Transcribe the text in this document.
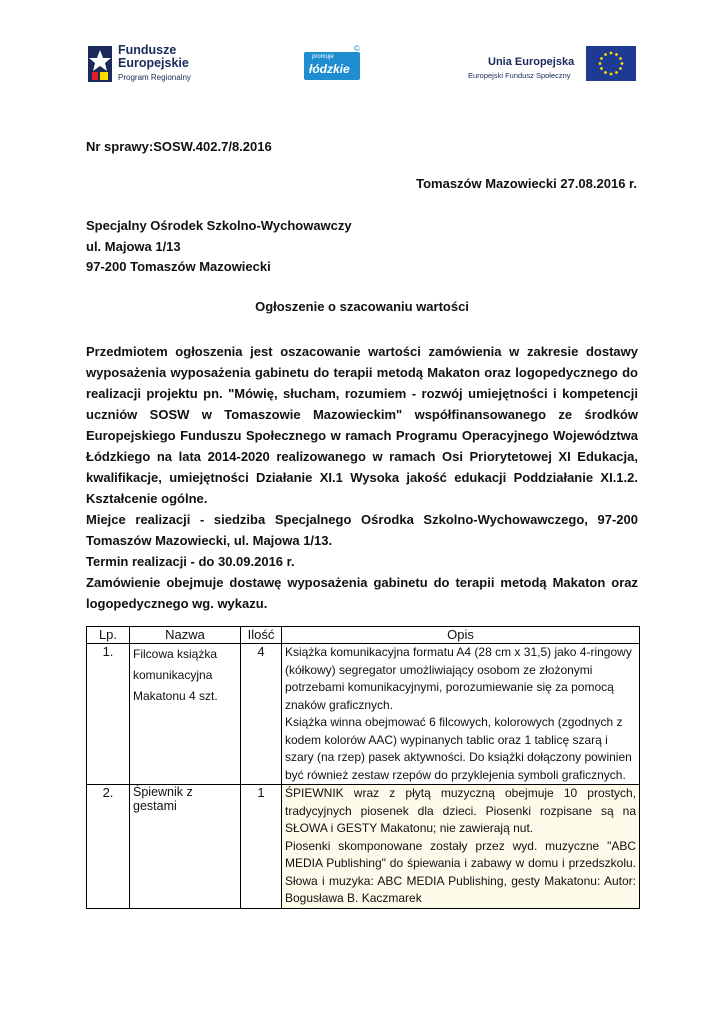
Fundusze
Europejskie
Program Regionalny
promuje
łódzkie
©
Unia Europejska
Europejski Fundusz Społeczny
Nr sprawy:SOSW.402.7/8.2016
Tomaszów Mazowiecki 27.08.2016 r.
Specjalny Ośrodek Szkolno-Wychowawczy
ul. Majowa 1/13
97-200 Tomaszów Mazowiecki
Ogłoszenie o szacowaniu wartości

Przedmiotem ogłoszenia jest oszacowanie wartości zamówienia w zakresie dostawy wyposażenia wyposażenia gabinetu do terapii metodą Makaton oraz logopedycznego do realizacji projektu pn. "Mówię, słucham, rozumiem - rozwój umiejętności i kompetencji uczniów SOSW w Tomaszowie Mazowieckim" współfinansowanego ze środków Europejskiego Funduszu Społecznego w ramach Programu Operacyjnego Województwa Łódzkiego na lata 2014-2020 realizowanego w ramach Osi Priorytetowej XI Edukacja, kwalifikacje, umiejętności Działanie XI.1 Wysoka jakość edukacji Poddziałanie XI.1.2. Kształcenie ogólne.

Miejce realizacji - siedziba Specjalnego Ośrodka Szkolno-Wychowawczego, 97-200 Tomaszów Mazowiecki, ul. Majowa 1/13.

Termin realizacji - do 30.09.2016 r.

Zamówienie obejmuje dostawę wyposażenia gabinetu do terapii metodą Makaton oraz logopedycznego wg. wykazu.

Lp.	Nazwa	Ilość	Opis
1.	Filcowa książka komunikacyjna Makatonu 4 szt.	4	Książka komunikacyjna formatu A4 (28 cm x 31,5) jako 4-ringowy (kółkowy) segregator umożliwiający osobom ze złożonymi potrzebami komunikacyjnymi, porozumiewanie się za pomocą znaków graficznych.

Książka winna obejmować 6 filcowych, kolorowych (zgodnych z kodem kolorów AAC) wypinanych tablic oraz 1 tablicę szarą i szary (na rzep) pasek aktywności. Do książki dołączony powinien być również zestaw rzepów do przyklejenia symboli graficznych.

2.	Śpiewnik z gestami	1	ŚPIEWNIK wraz z płytą muzyczną obejmuje 10 prostych, tradycyjnych piosenek dla dzieci. Piosenki rozpisane są na SŁOWA i GESTY Makatonu; nie zawierają nut.

Piosenki skomponowane zostały przez wyd. muzyczne "ABC MEDIA Publishing" do śpiewania i zabawy w domu i przedszkolu. Słowa i muzyka: ABC MEDIA Publishing, gesty Makatonu: Autor: Bogusława B. Kaczmarek
